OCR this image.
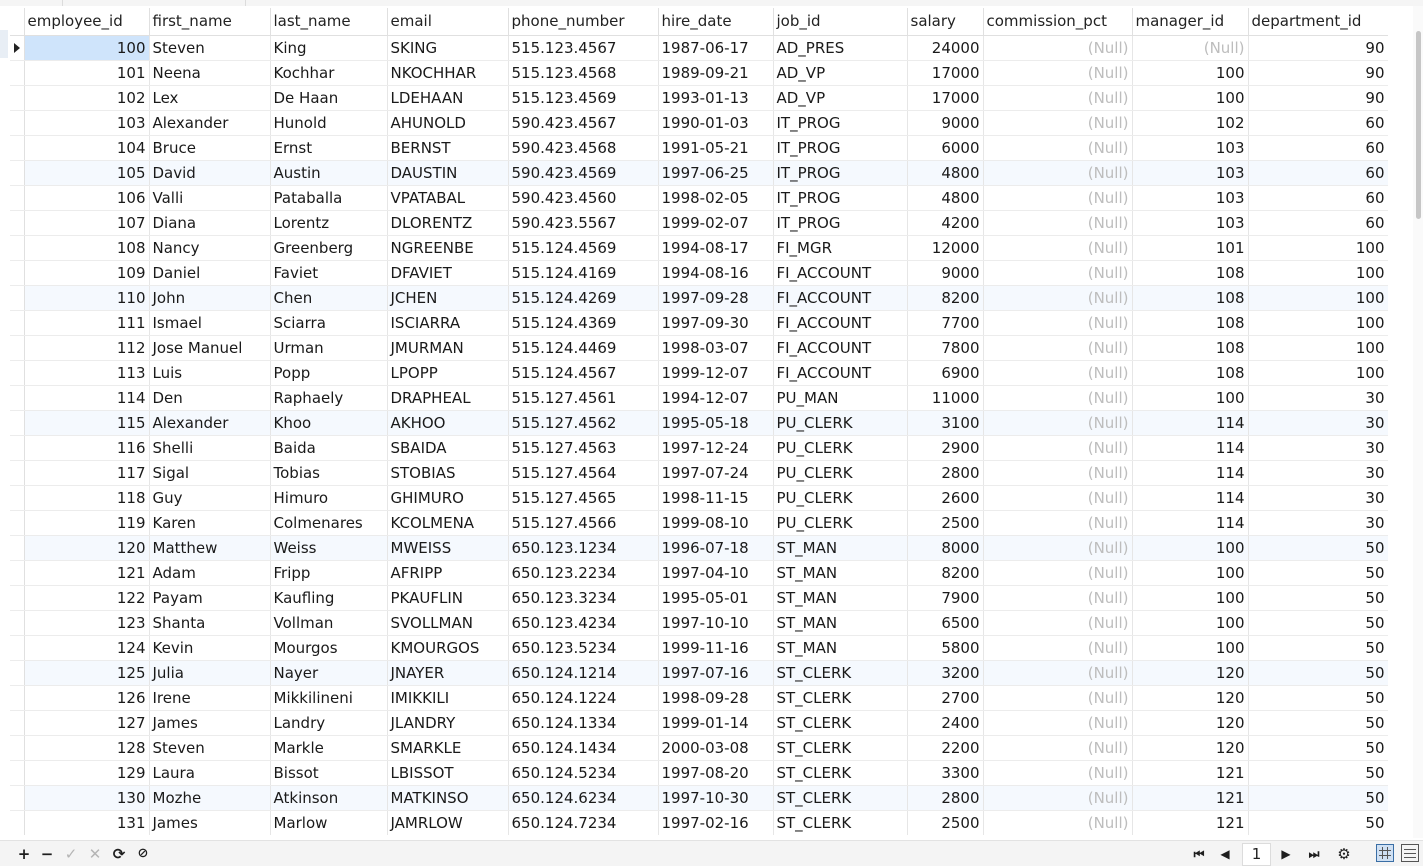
	employee_id	first_name	last_name	email	phone_number	hire_date	job_id	salary	commission_pct	manager_id	department_id

	100	Steven	King	SKING	515.123.4567	1987-06-17	AD_PRES	24000	(Null)	(Null)	90
	101	Neena	Kochhar	NKOCHHAR	515.123.4568	1989-09-21	AD_VP	17000	(Null)	100	90
	102	Lex	De Haan	LDEHAAN	515.123.4569	1993-01-13	AD_VP	17000	(Null)	100	90
	103	Alexander	Hunold	AHUNOLD	590.423.4567	1990-01-03	IT_PROG	9000	(Null)	102	60
	104	Bruce	Ernst	BERNST	590.423.4568	1991-05-21	IT_PROG	6000	(Null)	103	60
	105	David	Austin	DAUSTIN	590.423.4569	1997-06-25	IT_PROG	4800	(Null)	103	60
	106	Valli	Pataballa	VPATABAL	590.423.4560	1998-02-05	IT_PROG	4800	(Null)	103	60
	107	Diana	Lorentz	DLORENTZ	590.423.5567	1999-02-07	IT_PROG	4200	(Null)	103	60
	108	Nancy	Greenberg	NGREENBE	515.124.4569	1994-08-17	FI_MGR	12000	(Null)	101	100
	109	Daniel	Faviet	DFAVIET	515.124.4169	1994-08-16	FI_ACCOUNT	9000	(Null)	108	100
	110	John	Chen	JCHEN	515.124.4269	1997-09-28	FI_ACCOUNT	8200	(Null)	108	100
	111	Ismael	Sciarra	ISCIARRA	515.124.4369	1997-09-30	FI_ACCOUNT	7700	(Null)	108	100
	112	Jose Manuel	Urman	JMURMAN	515.124.4469	1998-03-07	FI_ACCOUNT	7800	(Null)	108	100
	113	Luis	Popp	LPOPP	515.124.4567	1999-12-07	FI_ACCOUNT	6900	(Null)	108	100
	114	Den	Raphaely	DRAPHEAL	515.127.4561	1994-12-07	PU_MAN	11000	(Null)	100	30
	115	Alexander	Khoo	AKHOO	515.127.4562	1995-05-18	PU_CLERK	3100	(Null)	114	30
	116	Shelli	Baida	SBAIDA	515.127.4563	1997-12-24	PU_CLERK	2900	(Null)	114	30
	117	Sigal	Tobias	STOBIAS	515.127.4564	1997-07-24	PU_CLERK	2800	(Null)	114	30
	118	Guy	Himuro	GHIMURO	515.127.4565	1998-11-15	PU_CLERK	2600	(Null)	114	30
	119	Karen	Colmenares	KCOLMENA	515.127.4566	1999-08-10	PU_CLERK	2500	(Null)	114	30
	120	Matthew	Weiss	MWEISS	650.123.1234	1996-07-18	ST_MAN	8000	(Null)	100	50
	121	Adam	Fripp	AFRIPP	650.123.2234	1997-04-10	ST_MAN	8200	(Null)	100	50
	122	Payam	Kaufling	PKAUFLIN	650.123.3234	1995-05-01	ST_MAN	7900	(Null)	100	50
	123	Shanta	Vollman	SVOLLMAN	650.123.4234	1997-10-10	ST_MAN	6500	(Null)	100	50
	124	Kevin	Mourgos	KMOURGOS	650.123.5234	1999-11-16	ST_MAN	5800	(Null)	100	50
	125	Julia	Nayer	JNAYER	650.124.1214	1997-07-16	ST_CLERK	3200	(Null)	120	50
	126	Irene	Mikkilineni	IMIKKILI	650.124.1224	1998-09-28	ST_CLERK	2700	(Null)	120	50
	127	James	Landry	JLANDRY	650.124.1334	1999-01-14	ST_CLERK	2400	(Null)	120	50
	128	Steven	Markle	SMARKLE	650.124.1434	2000-03-08	ST_CLERK	2200	(Null)	120	50
	129	Laura	Bissot	LBISSOT	650.124.5234	1997-08-20	ST_CLERK	3300	(Null)	121	50
	130	Mozhe	Atkinson	MATKINSO	650.124.6234	1997-10-30	ST_CLERK	2800	(Null)	121	50
	131	James	Marlow	JAMRLOW	650.124.7234	1997-02-16	ST_CLERK	2500	(Null)	121	50
+ − ✓ ✕ ⟳ ⊘	⏮	◀	1	▶	⏭ ⚙
